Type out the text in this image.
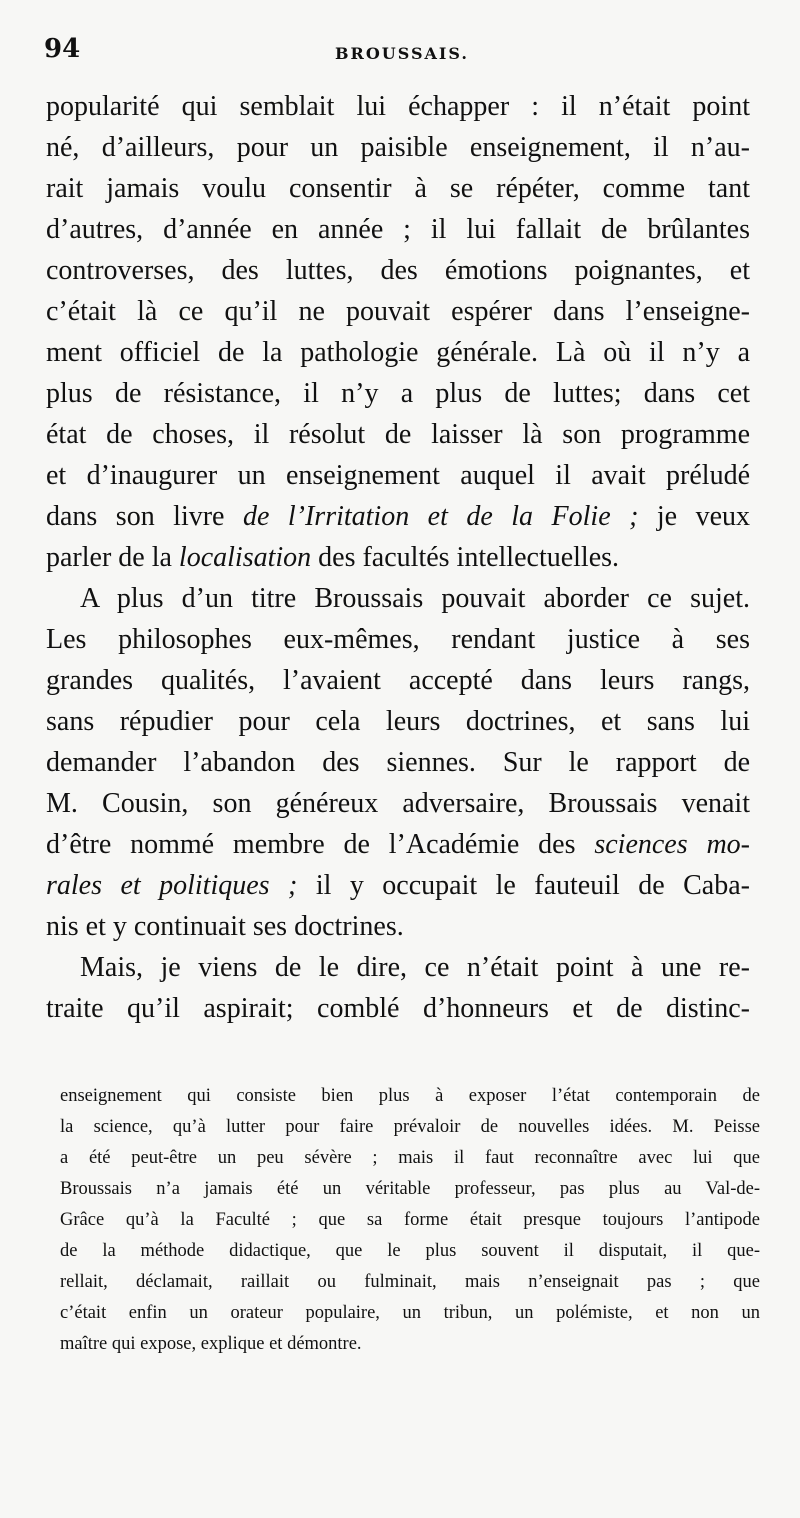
94	BROUSSAIS.

popularité qui semblait lui échapper : il n’était point
né, d’ailleurs, pour un paisible enseignement, il n’au-
rait jamais voulu consentir à se répéter, comme tant
d’autres, d’année en année ; il lui fallait de brûlantes
controverses, des luttes, des émotions poignantes, et
c’était là ce qu’il ne pouvait espérer dans l’enseigne-
ment officiel de la pathologie générale. Là où il n’y a
plus de résistance, il n’y a plus de luttes; dans cet
état de choses, il résolut de laisser là son programme
et d’inaugurer un enseignement auquel il avait préludé
dans son livre de l’Irritation et de la Folie ; je veux
parler de la localisation des facultés intellectuelles.

A plus d’un titre Broussais pouvait aborder ce sujet.
Les philosophes eux-mêmes, rendant justice à ses
grandes qualités, l’avaient accepté dans leurs rangs,
sans répudier pour cela leurs doctrines, et sans lui
demander l’abandon des siennes. Sur le rapport de
M. Cousin, son généreux adversaire, Broussais venait
d’être nommé membre de l’Académie des sciences mo-
rales et politiques ; il y occupait le fauteuil de Caba-
nis et y continuait ses doctrines.

Mais, je viens de le dire, ce n’était point à une re-
traite qu’il aspirait; comblé d’honneurs et de distinc-

enseignement qui consiste bien plus à exposer l’état contemporain de
la science, qu’à lutter pour faire prévaloir de nouvelles idées. M. Peisse
a été peut-être un peu sévère ; mais il faut reconnaître avec lui que
Broussais n’a jamais été un véritable professeur, pas plus au Val-de-
Grâce qu’à la Faculté ; que sa forme était presque toujours l’antipode
de la méthode didactique, que le plus souvent il disputait, il que-
rellait, déclamait, raillait ou fulminait, mais n’enseignait pas ; que
c’était enfin un orateur populaire, un tribun, un polémiste, et non un
maître qui expose, explique et démontre.
